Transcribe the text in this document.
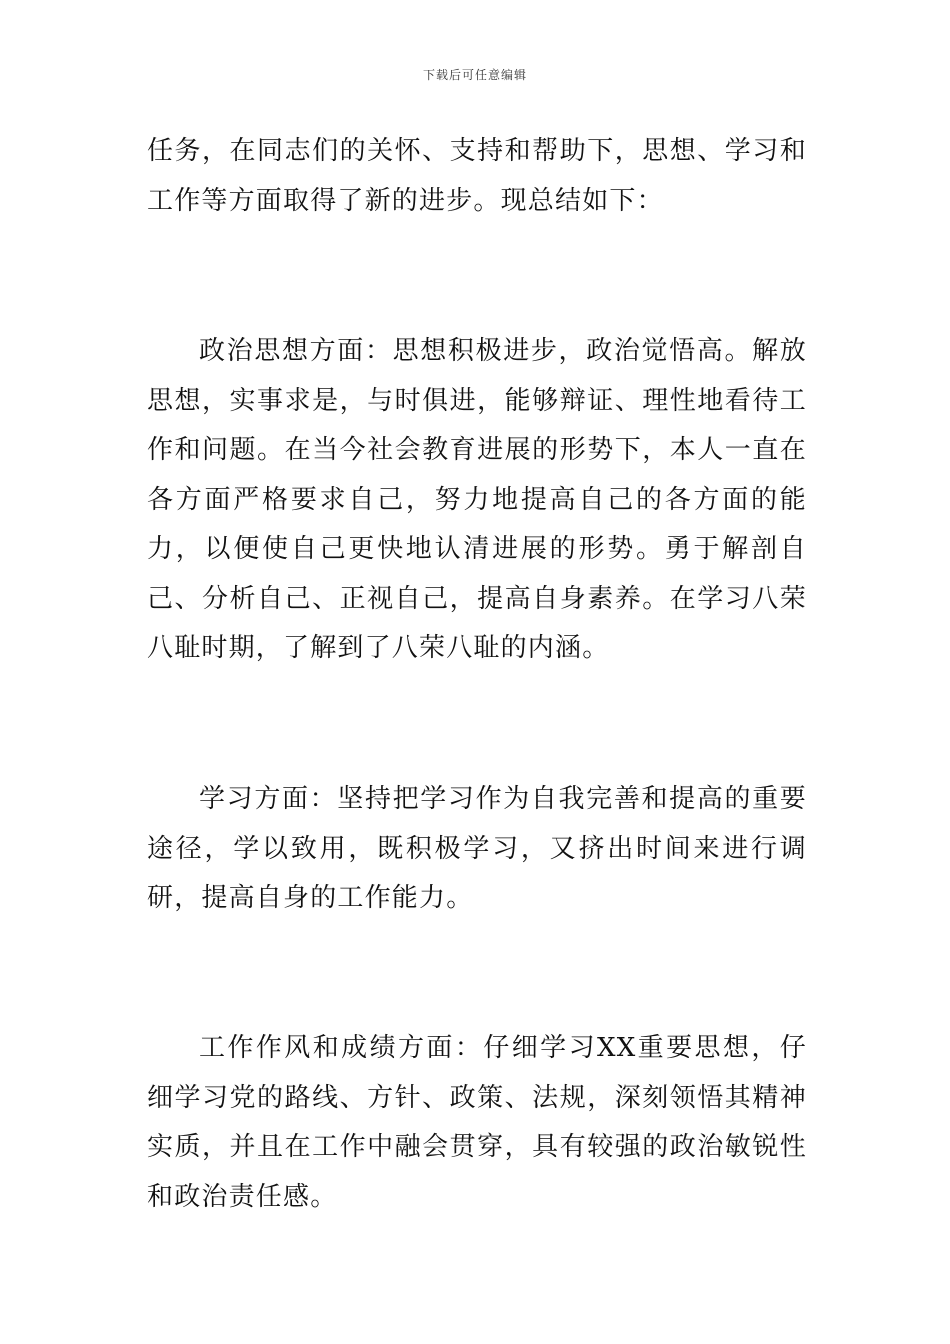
下载后可任意编辑

任务，在同志们的关怀、支持和帮助下，思想、学习和工作等方面取得了新的进步。现总结如下：

政治思想方面：思想积极进步，政治觉悟高。解放思想，实事求是，与时俱进，能够辩证、理性地看待工作和问题。在当今社会教育进展的形势下，本人一直在各方面严格要求自己，努力地提高自己的各方面的能力，以便使自己更快地认清进展的形势。勇于解剖自己、分析自己、正视自己，提高自身素养。在学习八荣八耻时期，了解到了八荣八耻的内涵。

学习方面：坚持把学习作为自我完善和提高的重要途径，学以致用，既积极学习，又挤出时间来进行调研，提高自身的工作能力。

工作作风和成绩方面：仔细学习XX重要思想，仔细学习党的路线、方针、政策、法规，深刻领悟其精神实质，并且在工作中融会贯穿，具有较强的政治敏锐性和政治责任感。
